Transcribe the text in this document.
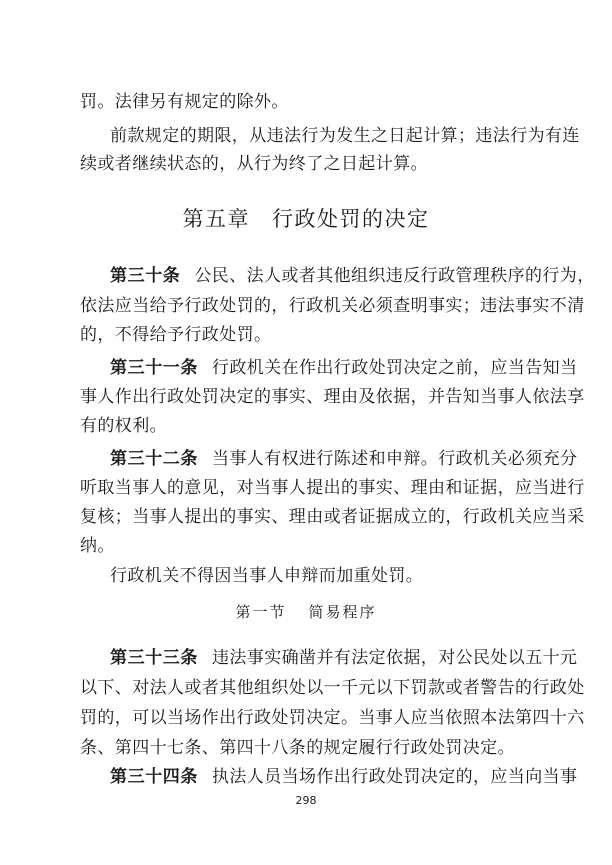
罚。法律另有规定的除外。
前款规定的期限，从违法行为发生之日起计算；违法行为有连
续或者继续状态的，从行为终了之日起计算。
第五章 行政处罚的决定
第三十条 公民、法人或者其他组织违反行政管理秩序的行为，
依法应当给予行政处罚的，行政机关必须查明事实；违法事实不清
的，不得给予行政处罚。
第三十一条 行政机关在作出行政处罚决定之前，应当告知当
事人作出行政处罚决定的事实、理由及依据，并告知当事人依法享
有的权利。
第三十二条 当事人有权进行陈述和申辩。行政机关必须充分
听取当事人的意见，对当事人提出的事实、理由和证据，应当进行
复核；当事人提出的事实、理由或者证据成立的，行政机关应当采
纳。
行政机关不得因当事人申辩而加重处罚。
第一节 简易程序
第三十三条 违法事实确凿并有法定依据，对公民处以五十元
以下、对法人或者其他组织处以一千元以下罚款或者警告的行政处
罚的，可以当场作出行政处罚决定。当事人应当依照本法第四十六
条、第四十七条、第四十八条的规定履行行政处罚决定。
第三十四条 执法人员当场作出行政处罚决定的，应当向当事
298
